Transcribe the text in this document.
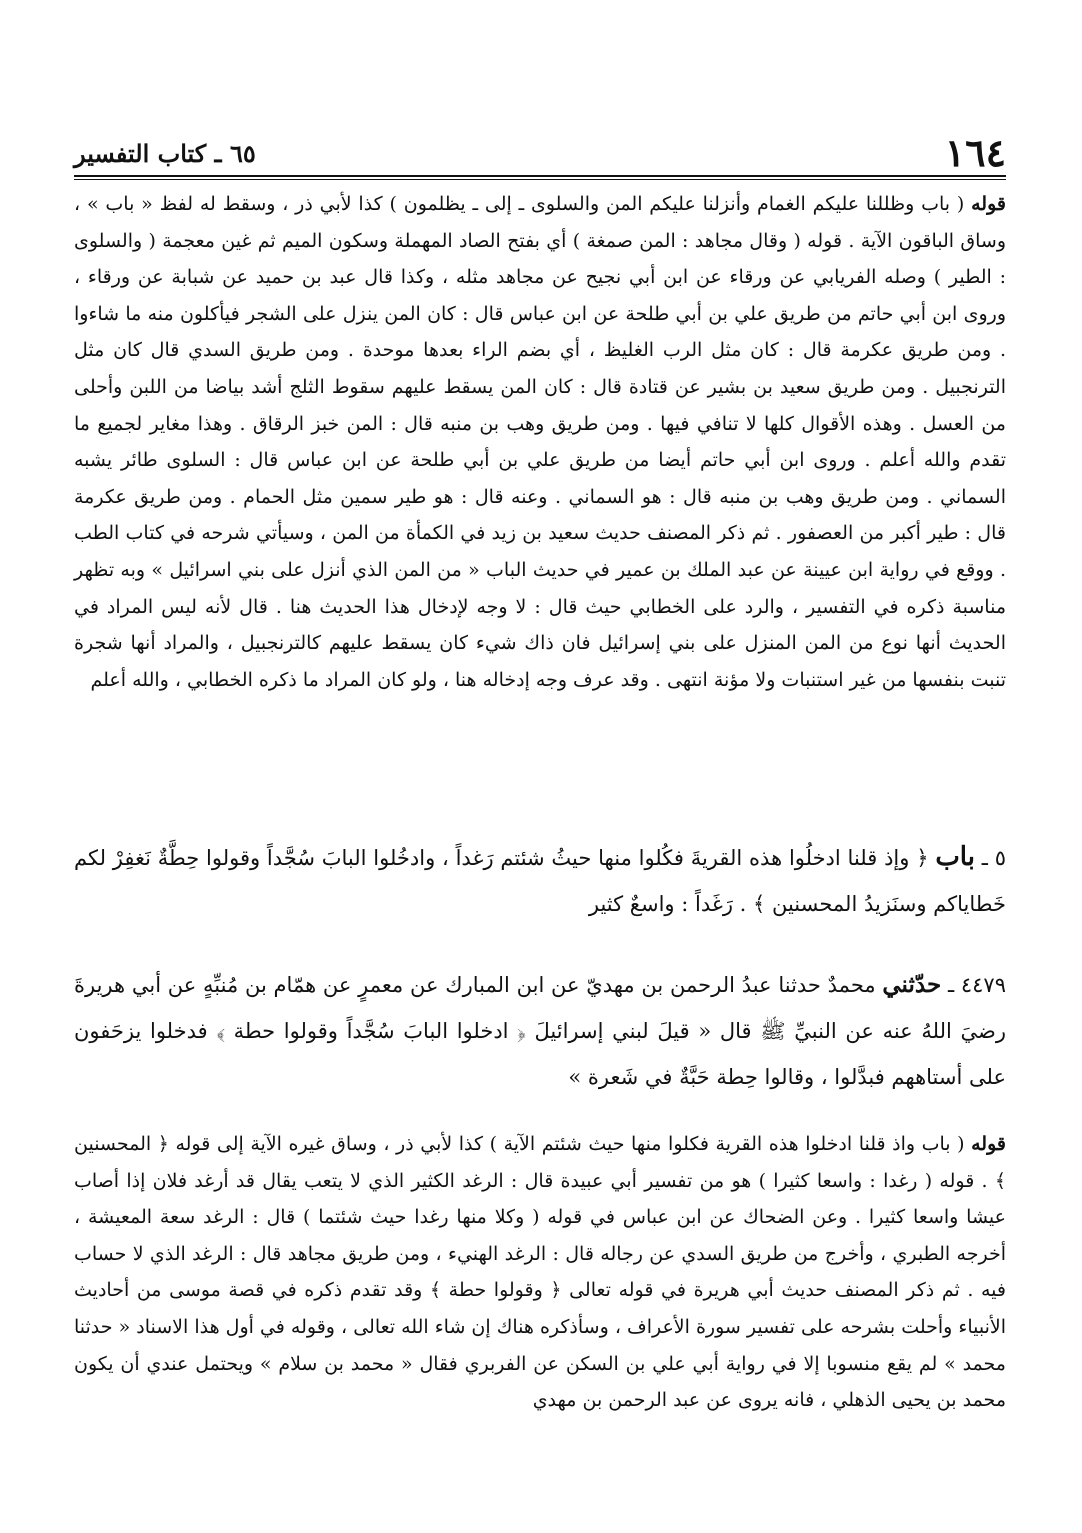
١٦٤
٦٥ ـ كتاب التفسير
قوله ( باب وظللنا عليكم الغمام وأنزلنا عليكم المن والسلوى ـ إلى ـ يظلمون ) كذا لأبي ذر ، وسقط له لفظ « باب » ، وساق الباقون الآية . قوله ( وقال مجاهد : المن صمغة ) أي بفتح الصاد المهملة وسكون الميم ثم غين معجمة ( والسلوى : الطير ) وصله الفريابي عن ورقاء عن ابن أبي نجيح عن مجاهد مثله ، وكذا قال عبد بن حميد عن شبابة عن ورقاء ، وروى ابن أبي حاتم من طريق علي بن أبي طلحة عن ابن عباس قال : كان المن ينزل على الشجر فيأكلون منه ما شاءوا . ومن طريق عكرمة قال : كان مثل الرب الغليظ ، أي بضم الراء بعدها موحدة . ومن طريق السدي قال كان مثل الترنجبيل . ومن طريق سعيد بن بشير عن قتادة قال : كان المن يسقط عليهم سقوط الثلج أشد بياضا من اللبن وأحلى من العسل . وهذه الأقوال كلها لا تنافي فيها . ومن طريق وهب بن منبه قال : المن خبز الرقاق . وهذا مغاير لجميع ما تقدم والله أعلم . وروى ابن أبي حاتم أيضا من طريق علي بن أبي طلحة عن ابن عباس قال : السلوى طائر يشبه السماني . ومن طريق وهب بن منبه قال : هو السماني . وعنه قال : هو طير سمين مثل الحمام . ومن طريق عكرمة قال : طير أكبر من العصفور . ثم ذكر المصنف حديث سعيد بن زيد في الكمأة من المن ، وسيأتي شرحه في كتاب الطب . ووقع في رواية ابن عيينة عن عبد الملك بن عمير في حديث الباب « من المن الذي أنزل على بني اسرائيل » وبه تظهر مناسبة ذكره في التفسير ، والرد على الخطابي حيث قال : لا وجه لإدخال هذا الحديث هنا . قال لأنه ليس المراد في الحديث أنها نوع من المن المنزل على بني إسرائيل فان ذاك شيء كان يسقط عليهم كالترنجبيل ، والمراد أنها شجرة تنبت بنفسها من غير استنبات ولا مؤنة انتهى . وقد عرف وجه إدخاله هنا ، ولو كان المراد ما ذكره الخطابي ، والله أعلم
٥ ـ باب ﴿ وإذ قلنا ادخلُوا هذه القريةَ فكُلوا منها حيثُ شئتم رَغداً ، وادخُلوا البابَ سُجَّداً وقولوا حِطَّةٌ نَغفِرْ لكم خَطاياكم وسنَزيدُ المحسنين ﴾ . رَغَداً : واسعٌ كثير
٤٤٧٩ ـ حدّثني محمدٌ حدثنا عبدُ الرحمن بن مهديّ عن ابن المبارك عن معمرٍ عن همّام بن مُنبِّهٍ عن أبي هريرةَ رضيَ اللهُ عنه عن النبيِّ ﷺ قال « قيلَ لبني إسرائيلَ ﴿ ادخلوا البابَ سُجَّداً وقولوا حطة ﴾ فدخلوا يزحَفون على أستاههم فبدَّلوا ، وقالوا حِطة حَبَّةٌ في شَعرة »
قوله ( باب واذ قلنا ادخلوا هذه القرية فكلوا منها حيث شئتم الآية ) كذا لأبي ذر ، وساق غيره الآية إلى قوله ﴿ المحسنين ﴾ . قوله ( رغدا : واسعا كثيرا ) هو من تفسير أبي عبيدة قال : الرغد الكثير الذي لا يتعب يقال قد أرغد فلان إذا أصاب عيشا واسعا كثيرا . وعن الضحاك عن ابن عباس في قوله ( وكلا منها رغدا حيث شئتما ) قال : الرغد سعة المعيشة ، أخرجه الطبري ، وأخرج من طريق السدي عن رجاله قال : الرغد الهنيء ، ومن طريق مجاهد قال : الرغد الذي لا حساب فيه . ثم ذكر المصنف حديث أبي هريرة في قوله تعالى ﴿ وقولوا حطة ﴾ وقد تقدم ذكره في قصة موسى من أحاديث الأنبياء وأحلت بشرحه على تفسير سورة الأعراف ، وسأذكره هناك إن شاء الله تعالى ، وقوله في أول هذا الاسناد « حدثنا محمد » لم يقع منسوبا إلا في رواية أبي علي بن السكن عن الفربري فقال « محمد بن سلام » ويحتمل عندي أن يكون محمد بن يحيى الذهلي ، فانه يروى عن عبد الرحمن بن مهدي
